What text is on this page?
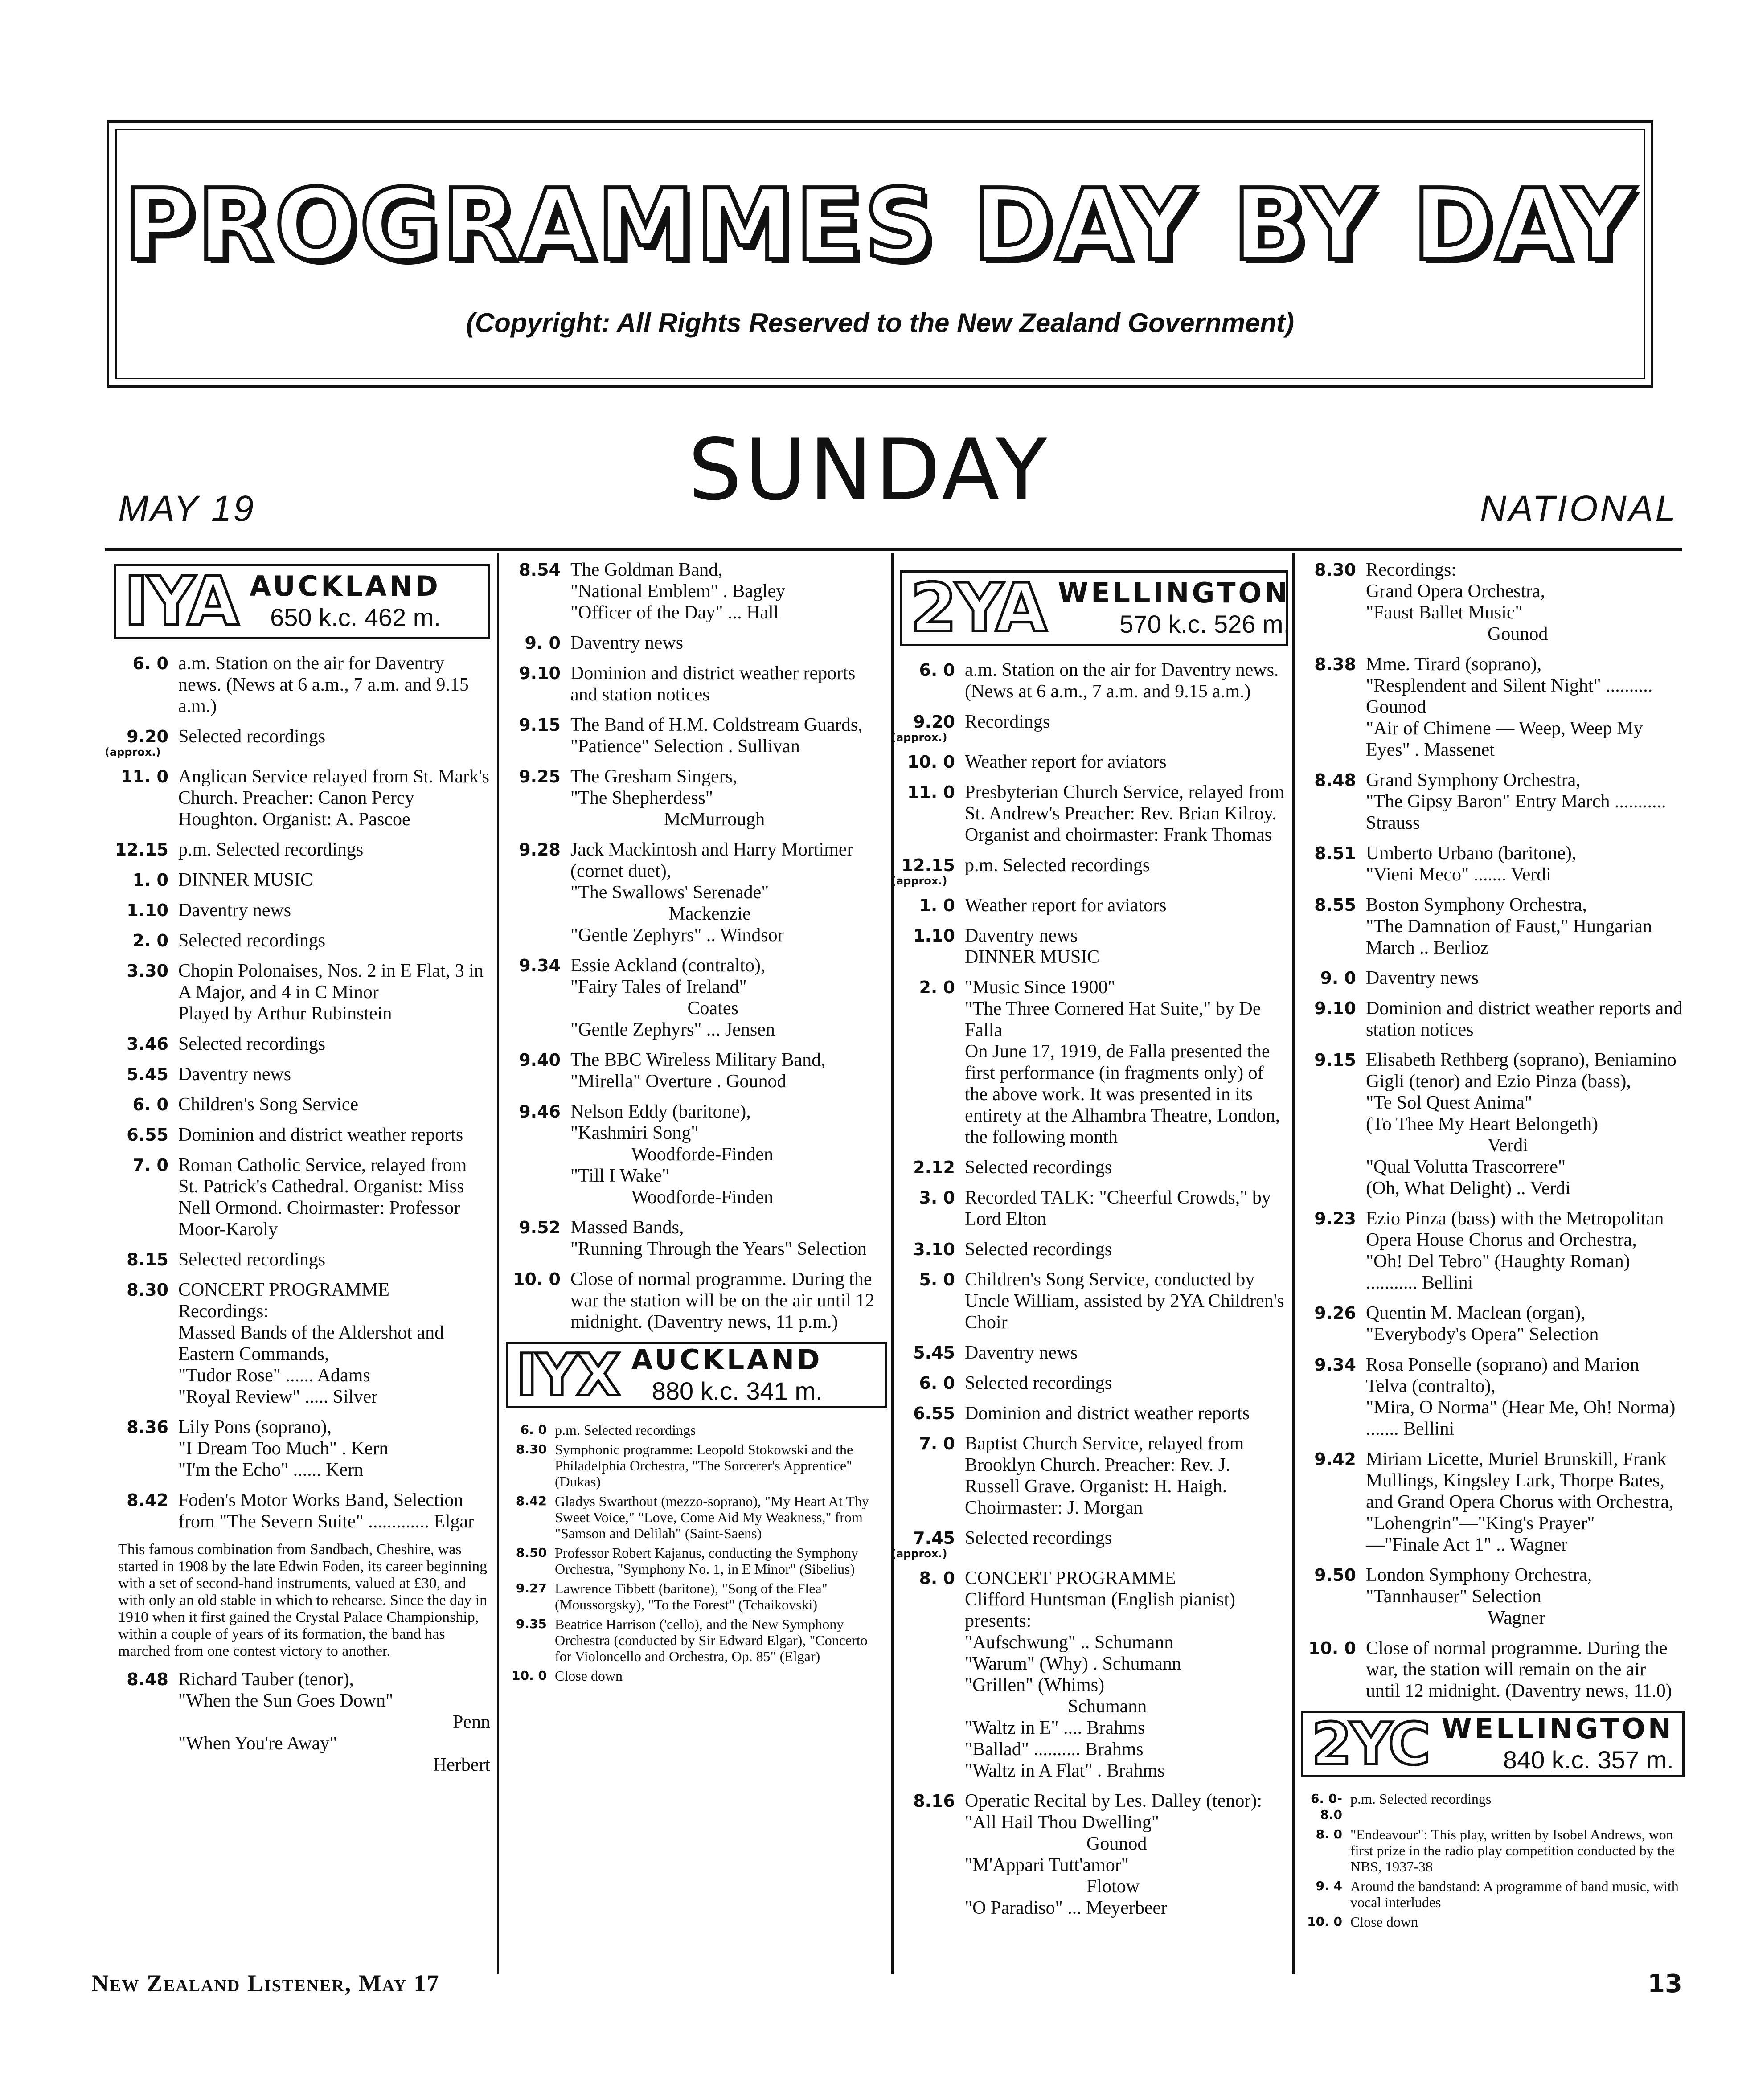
PROGRAMMES DAY BY DAY
(Copyright: All Rights Reserved to the New Zealand Government)
SUNDAY
MAY 19	NATIONAL
IYA AUCKLAND
650 k.c. 462 m.
6. 0 a.m. Station on the air for Daventry news. (News at 6 a.m., 7 a.m. and 9.15 a.m.)
9.20
(approx.)
Selected recordings
11. 0 Anglican Service relayed from St. Mark's Church. Preacher: Canon Percy Houghton. Organist: A. Pascoe
12.15 p.m. Selected recordings
1. 0 DINNER MUSIC
1.10 Daventry news
2. 0 Selected recordings
3.30 Chopin Polonaises, Nos. 2 in E Flat, 3 in A Major, and 4 in C Minor
Played by Arthur Rubinstein
3.46 Selected recordings
5.45 Daventry news
6. 0 Children's Song Service
6.55 Dominion and district weather reports
7. 0 Roman Catholic Service, relayed from St. Patrick's Cathedral. Organist: Miss Nell Ormond. Choirmaster: Professor Moor-Karoly
8.15 Selected recordings
8.30 CONCERT PROGRAMME
Recordings:
Massed Bands of the Aldershot and Eastern Commands,
"Tudor Rose" ...... Adams
"Royal Review" ..... Silver
8.36 Lily Pons (soprano),
"I Dream Too Much" . Kern
"I'm the Echo" ...... Kern
8.42 Foden's Motor Works Band, Selection from "The Severn Suite" ............. Elgar
This famous combination from Sandbach, Cheshire, was started in 1908 by the late Edwin Foden, its career beginning with a set of second-hand instruments, valued at £30, and with only an old stable in which to rehearse. Since the day in 1910 when it first gained the Crystal Palace Championship, within a couple of years of its formation, the band has marched from one contest victory to another.
8.48 Richard Tauber (tenor),
"When the Sun Goes Down"
Penn
"When You're Away"
Herbert
8.54 The Goldman Band,
"National Emblem" . Bagley
"Officer of the Day" ... Hall
9. 0 Daventry news
9.10 Dominion and district weather reports and station notices
9.15 The Band of H.M. Coldstream Guards,
"Patience" Selection . Sullivan
9.25 The Gresham Singers,
"The Shepherdess"
McMurrough
9.28 Jack Mackintosh and Harry Mortimer (cornet duet),
"The Swallows' Serenade"
Mackenzie
"Gentle Zephyrs" .. Windsor
9.34 Essie Ackland (contralto),
"Fairy Tales of Ireland"
Coates
"Gentle Zephyrs" ... Jensen
9.40 The BBC Wireless Military Band,
"Mirella" Overture . Gounod
9.46 Nelson Eddy (baritone),
"Kashmiri Song"
Woodforde-Finden
"Till I Wake"
Woodforde-Finden
9.52 Massed Bands,
"Running Through the Years" Selection
10. 0 Close of normal programme. During the war the station will be on the air until 12 midnight. (Daventry news, 11 p.m.)
IYX AUCKLAND
880 k.c. 341 m.
6. 0 p.m. Selected recordings
8.30 Symphonic programme: Leopold Stokowski and the Philadelphia Orchestra, "The Sorcerer's Apprentice" (Dukas)
8.42 Gladys Swarthout (mezzo-soprano), "My Heart At Thy Sweet Voice," "Love, Come Aid My Weakness," from "Samson and Delilah" (Saint-Saens)
8.50 Professor Robert Kajanus, conducting the Symphony Orchestra, "Symphony No. 1, in E Minor" (Sibelius)
9.27 Lawrence Tibbett (baritone), "Song of the Flea" (Moussorgsky), "To the Forest" (Tchaikovski)
9.35 Beatrice Harrison ('cello), and the New Symphony Orchestra (conducted by Sir Edward Elgar), "Concerto for Violoncello and Orchestra, Op. 85" (Elgar)
10. 0 Close down
2YA WELLINGTON
570 k.c. 526 m.
6. 0 a.m. Station on the air for Daventry news. (News at 6 a.m., 7 a.m. and 9.15 a.m.)
9.20
(approx.)
Recordings
10. 0 Weather report for aviators
11. 0 Presbyterian Church Service, relayed from St. Andrew's Preacher: Rev. Brian Kilroy. Organist and choirmaster: Frank Thomas
12.15
(approx.)
p.m. Selected recordings
1. 0 Weather report for aviators
1.10 Daventry news
DINNER MUSIC
2. 0 "Music Since 1900"
"The Three Cornered Hat Suite," by De Falla
On June 17, 1919, de Falla presented the first performance (in fragments only) of the above work. It was presented in its entirety at the Alhambra Theatre, London, the following month
2.12 Selected recordings
3. 0 Recorded TALK: "Cheerful Crowds," by Lord Elton
3.10 Selected recordings
5. 0 Children's Song Service, conducted by Uncle William, assisted by 2YA Children's Choir
5.45 Daventry news
6. 0 Selected recordings
6.55 Dominion and district weather reports
7. 0 Baptist Church Service, relayed from Brooklyn Church. Preacher: Rev. J. Russell Grave. Organist: H. Haigh. Choirmaster: J. Morgan
7.45
(approx.)
Selected recordings
8. 0 CONCERT PROGRAMME
Clifford Huntsman (English pianist) presents:
"Aufschwung" .. Schumann
"Warum" (Why) . Schumann
"Grillen" (Whims)
Schumann
"Waltz in E" .... Brahms
"Ballad" .......... Brahms
"Waltz in A Flat" . Brahms
8.16 Operatic Recital by Les. Dalley (tenor):
"All Hail Thou Dwelling"
Gounod
"M'Appari Tutt'amor"
Flotow
"O Paradiso" ... Meyerbeer
8.30 Recordings:
Grand Opera Orchestra,
"Faust Ballet Music"
Gounod
8.38 Mme. Tirard (soprano),
"Resplendent and Silent Night" .......... Gounod
"Air of Chimene — Weep, Weep My Eyes" . Massenet
8.48 Grand Symphony Orchestra,
"The Gipsy Baron" Entry March ........... Strauss
8.51 Umberto Urbano (baritone),
"Vieni Meco" ....... Verdi
8.55 Boston Symphony Orchestra,
"The Damnation of Faust," Hungarian March .. Berlioz
9. 0 Daventry news
9.10 Dominion and district weather reports and station notices
9.15 Elisabeth Rethberg (soprano), Beniamino Gigli (tenor) and Ezio Pinza (bass),
"Te Sol Quest Anima"
(To Thee My Heart Belongeth)
Verdi
"Qual Volutta Trascorrere"
(Oh, What Delight) .. Verdi
9.23 Ezio Pinza (bass) with the Metropolitan Opera House Chorus and Orchestra,
"Oh! Del Tebro" (Haughty Roman) ........... Bellini
9.26 Quentin M. Maclean (organ),
"Everybody's Opera" Selection
9.34 Rosa Ponselle (soprano) and Marion Telva (contralto),
"Mira, O Norma" (Hear Me, Oh! Norma) ....... Bellini
9.42 Miriam Licette, Muriel Brunskill, Frank Mullings, Kingsley Lark, Thorpe Bates, and Grand Opera Chorus with Orchestra,
"Lohengrin"—"King's Prayer"
—"Finale Act 1" .. Wagner
9.50 London Symphony Orchestra,
"Tannhauser" Selection
Wagner
10. 0 Close of normal programme. During the war, the station will remain on the air until 12 midnight. (Daventry news, 11.0)
2YC WELLINGTON
840 k.c. 357 m.
6. 0-8.0
p.m. Selected recordings
8. 0 "Endeavour": This play, written by Isobel Andrews, won first prize in the radio play competition conducted by the NBS, 1937-38
9. 4 Around the bandstand: A programme of band music, with vocal interludes
10. 0 Close down
New Zealand Listener, May 17	13
